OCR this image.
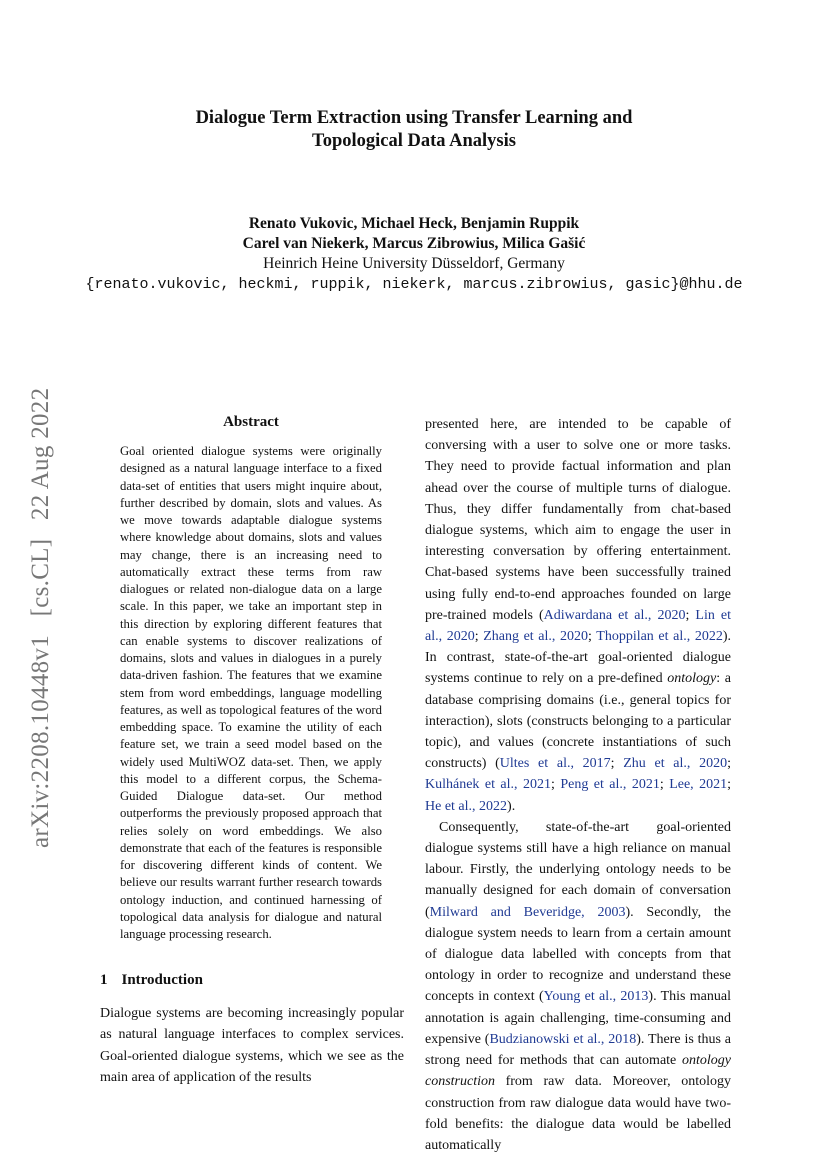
Dialogue Term Extraction using Transfer Learning and
Topological Data Analysis
Renato Vukovic, Michael Heck, Benjamin Ruppik
Carel van Niekerk, Marcus Zibrowius, Milica Gašić
Heinrich Heine University Düsseldorf, Germany
{renato.vukovic, heckmi, ruppik, niekerk, marcus.zibrowius, gasic}@hhu.de
arXiv:2208.10448v1 [cs.CL] 22 Aug 2022	Abstract
Goal oriented dialogue systems were originally designed as a natural language interface to a fixed data-set of entities that users might inquire about, further described by domain, slots and values. As we move towards adaptable dialogue systems where knowledge about domains, slots and values may change, there is an increasing need to automatically extract these terms from raw dialogues or related non-dialogue data on a large scale. In this paper, we take an important step in this direction by exploring different features that can enable systems to discover realizations of domains, slots and values in dialogues in a purely data-driven fashion. The features that we examine stem from word embeddings, language modelling features, as well as topological features of the word embedding space. To examine the utility of each feature set, we train a seed model based on the widely used MultiWOZ data-set. Then, we apply this model to a different corpus, the Schema-Guided Dialogue data-set. Our method outperforms the previously proposed approach that relies solely on word embeddings. We also demonstrate that each of the features is responsible for discovering different kinds of content. We believe our results warrant further research towards ontology induction, and continued harnessing of topological data analysis for dialogue and natural language processing research.
1 Introduction
Dialogue systems are becoming increasingly popular as natural language interfaces to complex services. Goal-oriented dialogue systems, which we see as the main area of application of the results

presented here, are intended to be capable of conversing with a user to solve one or more tasks. They need to provide factual information and plan ahead over the course of multiple turns of dialogue. Thus, they differ fundamentally from chat-based dialogue systems, which aim to engage the user in interesting conversation by offering entertainment. Chat-based systems have been successfully trained using fully end-to-end approaches founded on large pre-trained models (Adiwardana et al., 2020; Lin et al., 2020; Zhang et al., 2020; Thoppilan et al., 2022). In contrast, state-of-the-art goal-oriented dialogue systems continue to rely on a pre-defined ontology: a database comprising domains (i.e., general topics for interaction), slots (constructs belonging to a particular topic), and values (concrete instantiations of such constructs) (Ultes et al., 2017; Zhu et al., 2020; Kulhánek et al., 2021; Peng et al., 2021; Lee, 2021; He et al., 2022).

Consequently, state-of-the-art goal-oriented dialogue systems still have a high reliance on manual labour. Firstly, the underlying ontology needs to be manually designed for each domain of conversation (Milward and Beveridge, 2003). Secondly, the dialogue system needs to learn from a certain amount of dialogue data labelled with concepts from that ontology in order to recognize and understand these concepts in context (Young et al., 2013). This manual annotation is again challenging, time-consuming and expensive (Budzianowski et al., 2018). There is thus a strong need for methods that can automate ontology construction from raw data. Moreover, ontology construction from raw dialogue data would have two-fold benefits: the dialogue data would be labelled automatically
